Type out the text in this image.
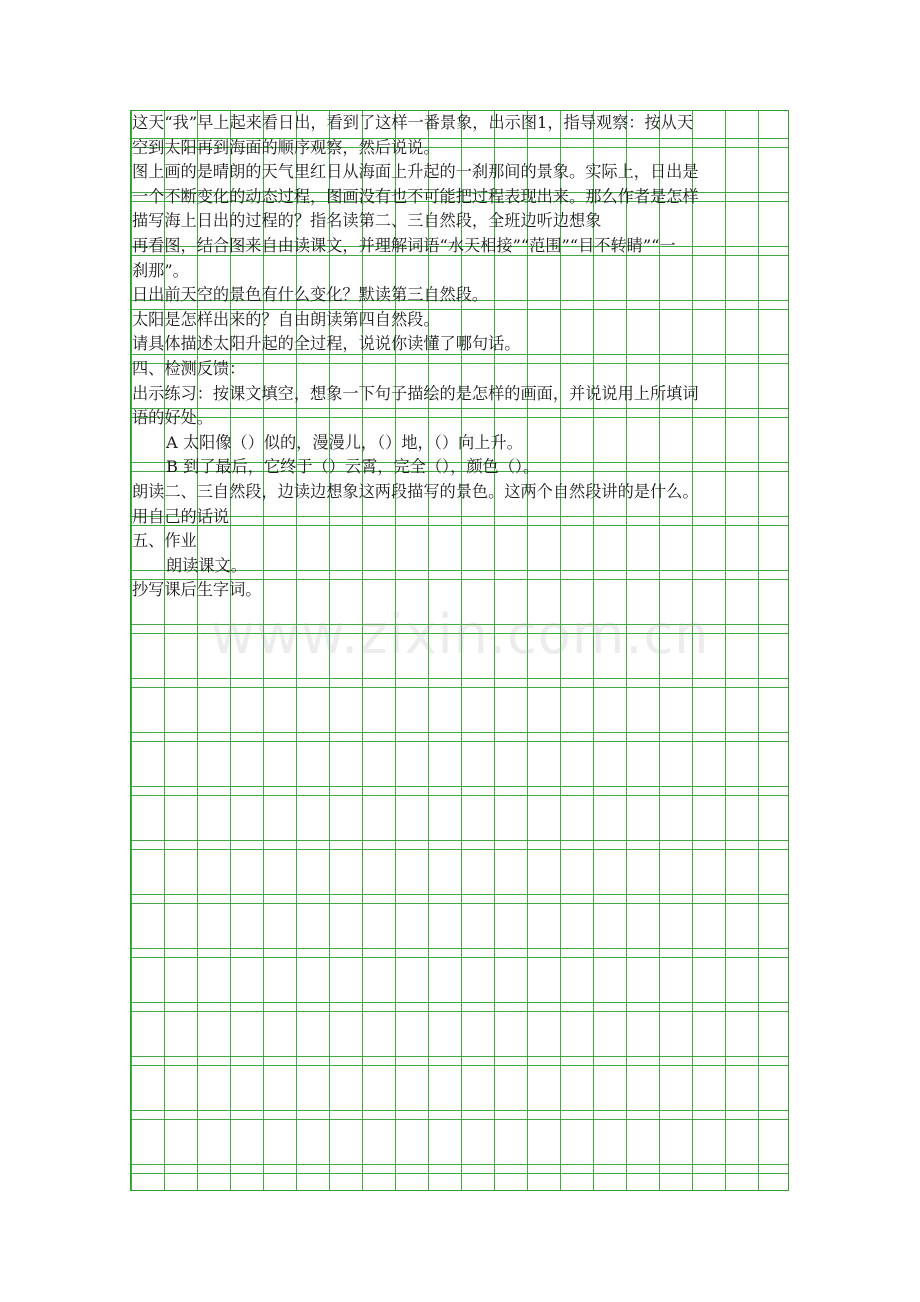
这天“我”早上起来看日出，看到了这样一番景象，出示图1，指导观察：按从天
空到太阳再到海面的顺序观察，然后说说。
图上画的是晴朗的天气里红日从海面上升起的一刹那间的景象。实际上，日出是
一个不断变化的动态过程，图画没有也不可能把过程表现出来。那么作者是怎样
描写海上日出的过程的？指名读第二、三自然段，全班边听边想象
再看图，结合图来自由读课文，并理解词语“水天相接”“范围”“目不转睛”“一
刹那”。
日出前天空的景色有什么变化？默读第三自然段。
太阳是怎样出来的？自由朗读第四自然段。
请具体描述太阳升起的全过程，说说你读懂了哪句话。
四、检测反馈：
出示练习：按课文填空，想象一下句子描绘的是怎样的画面，并说说用上所填词
语的好处。
A 太阳像（）似的，漫漫儿，（）地，（）向上升。
B 到了最后，它终于（）云霄，完全（），颜色（）。
朗读二、三自然段，边读边想象这两段描写的景色。这两个自然段讲的是什么。
用自己的话说
五、作业
朗读课文。
抄写课后生字词。
www.zixin.com.cn
